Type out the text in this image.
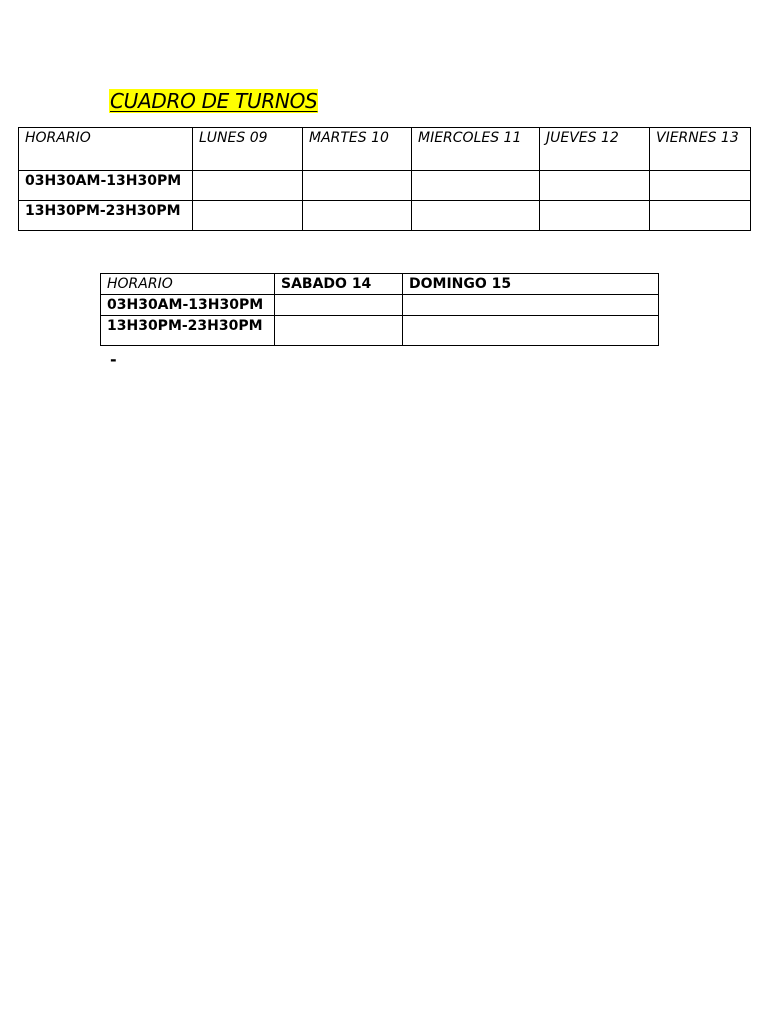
CUADRO DE TURNOS
HORARIO	LUNES 09	MARTES 10	MIERCOLES 11	JUEVES 12	VIERNES 13
03H30AM-13H30PM					
13H30PM-23H30PM					
HORARIO	SABADO 14	DOMINGO 15
03H30AM-13H30PM		
13H30PM-23H30PM		
-
